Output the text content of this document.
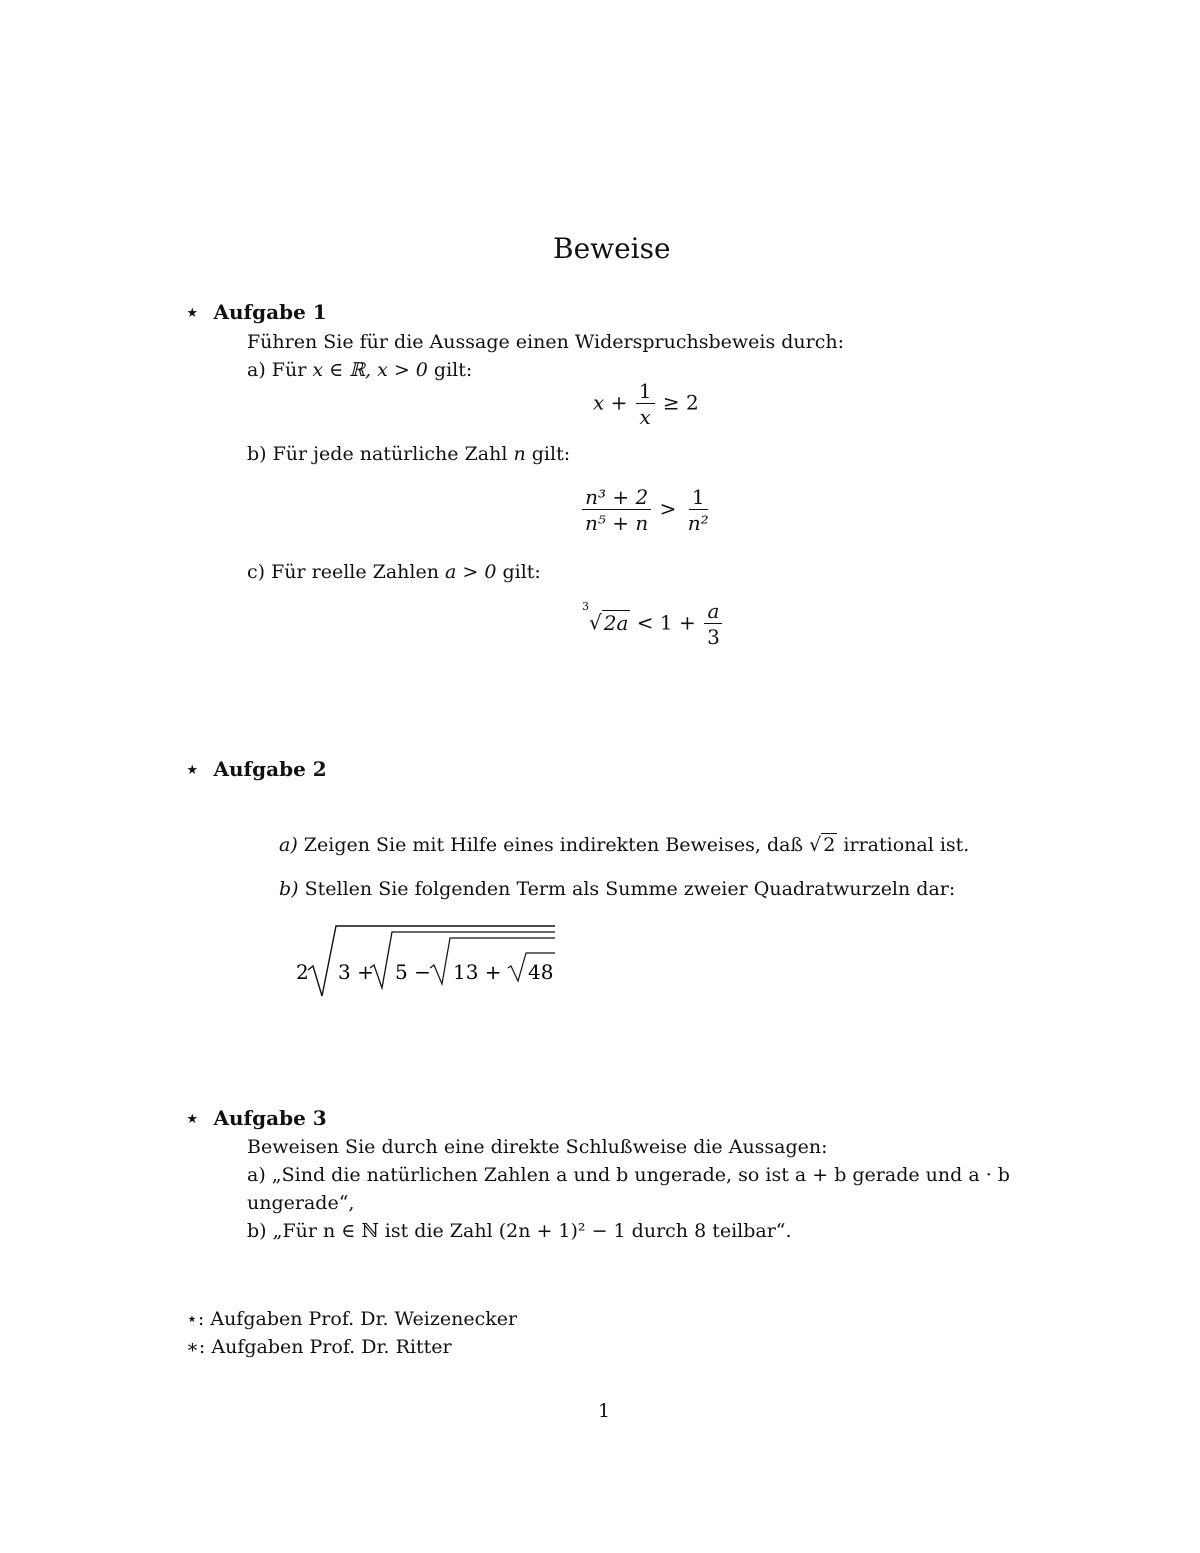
Beweise
⋆ Aufgabe 1
Führen Sie für die Aussage einen Widerspruchsbeweis durch:
a) Für x ∈ ℝ, x > 0 gilt:
$x + \frac{1}{x} \ge 2$
b) Für jede natürliche Zahl n gilt:
$\frac{\text{n³ + 2}}{\text{n⁵ + n}} > \frac{1}{\text{n²}}$
c) Für reelle Zahlen a > 0 gilt:
$^3$√ $2a < 1 + \frac{a}{3}$
⋆ Aufgabe 2
a) Zeigen Sie mit Hilfe eines indirekten Beweises, daß √ 2 irrational ist.
b) Stellen Sie folgenden Term als Summe zweier Quadratwurzeln dar:
2 3 + 5 − 13 + 48
⋆ Aufgabe 3
Beweisen Sie durch eine direkte Schlußweise die Aussagen:
a) „Sind die natürlichen Zahlen a und b ungerade, so ist a + b gerade und a · b
ungerade“,
b) „Für n ∈ ℕ ist die Zahl (2n + 1)² − 1 durch 8 teilbar“.
⋆: Aufgaben Prof. Dr. Weizenecker
∗: Aufgaben Prof. Dr. Ritter
1
